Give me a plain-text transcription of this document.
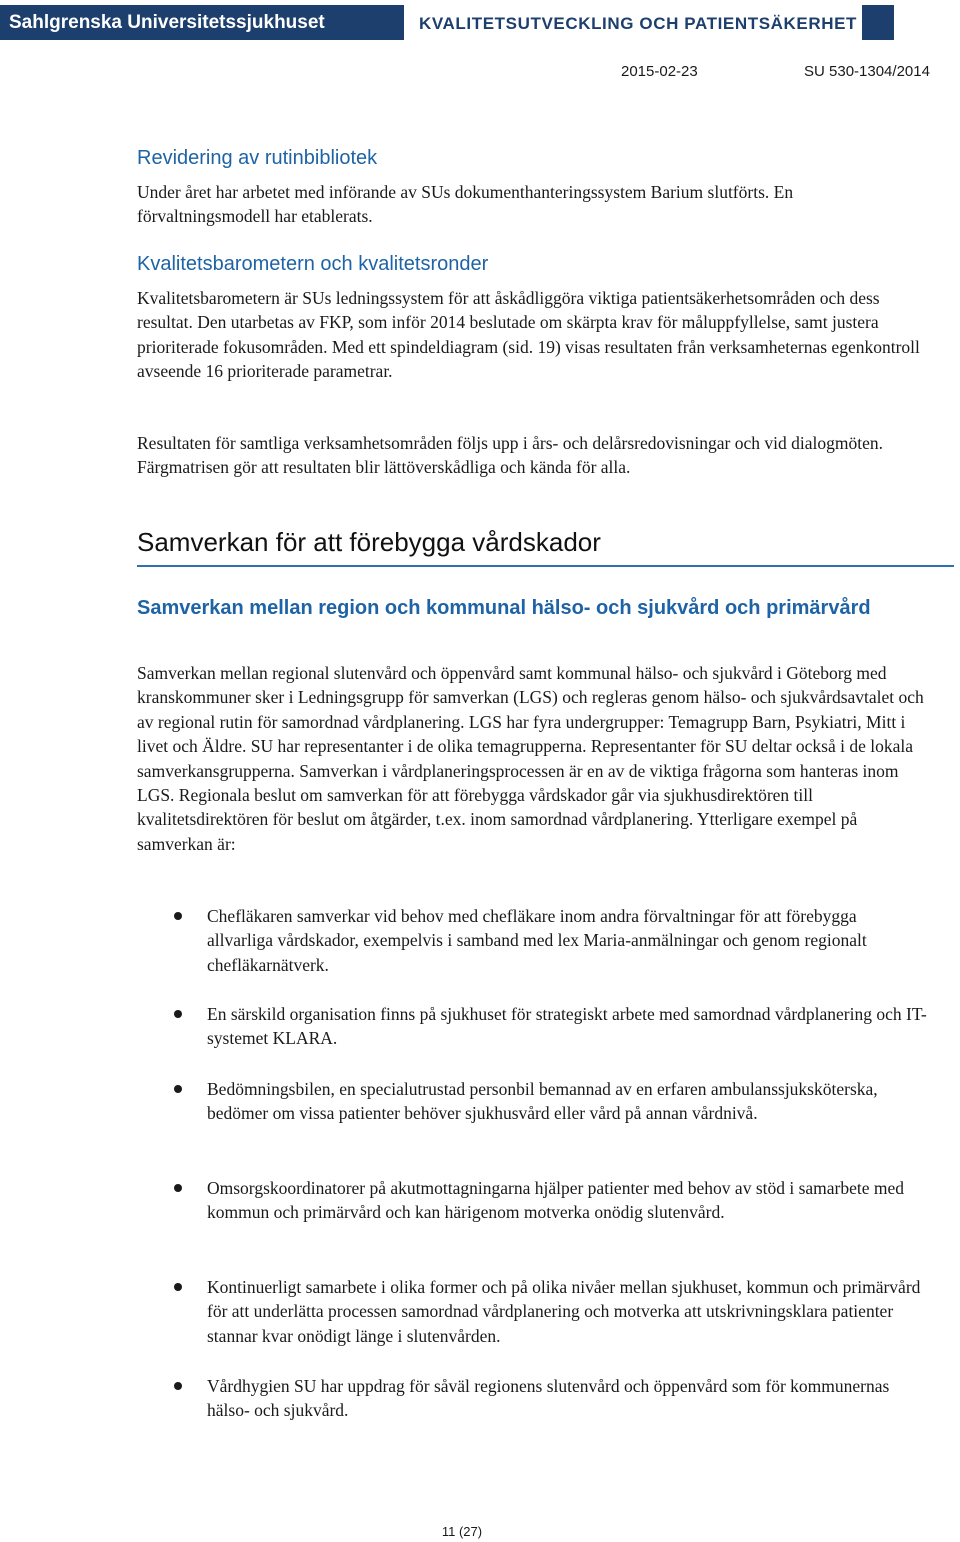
Sahlgrenska Universitetssjukhuset	KVALITETSUTVECKLING OCH PATIENTSÄKERHET
2015-02-23	SU 530-1304/2014
Revidering av rutinbibliotek

Under året har arbetet med införande av SUs dokumenthanteringssystem Barium slutförts. En förvaltningsmodell har etablerats.

Kvalitetsbarometern och kvalitetsronder

Kvalitetsbarometern är SUs ledningssystem för att åskådliggöra viktiga patientsäkerhetsområden och dess resultat. Den utarbetas av FKP, som inför 2014 beslutade om skärpta krav för måluppfyllelse, samt justera prioriterade fokusområden. Med ett spindeldiagram (sid. 19) visas resultaten från verksamheternas egenkontroll avseende 16 prioriterade parametrar.

Resultaten för samtliga verksamhetsområden följs upp i års- och delårsredovisningar och vid dialogmöten. Färgmatrisen gör att resultaten blir lättöverskådliga och kända för alla.

Samverkan för att förebygga vårdskador
Samverkan mellan region och kommunal hälso- och sjukvård och primärvård

Samverkan mellan regional slutenvård och öppenvård samt kommunal hälso- och sjukvård i Göteborg med kranskommuner sker i Ledningsgrupp för samverkan (LGS) och regleras genom hälso- och sjukvårdsavtalet och av regional rutin för samordnad vårdplanering. LGS har fyra undergrupper: Temagrupp Barn, Psykiatri, Mitt i livet och Äldre. SU har representanter i de olika temagrupperna. Representanter för SU deltar också i de lokala samverkansgrupperna. Samverkan i vårdplaneringsprocessen är en av de viktiga frågorna som hanteras inom LGS. Regionala beslut om samverkan för att förebygga vårdskador går via sjukhusdirektören till kvalitetsdirektören för beslut om åtgärder, t.ex. inom samordnad vårdplanering. Ytterligare exempel på samverkan är:

Chefläkaren samverkar vid behov med chefläkare inom andra förvaltningar för att förebygga allvarliga vårdskador, exempelvis i samband med lex Maria-anmälningar och genom regionalt chefläkarnätverk.

En särskild organisation finns på sjukhuset för strategiskt arbete med samordnad vårdplanering och IT-systemet KLARA.

Bedömningsbilen, en specialutrustad personbil bemannad av en erfaren ambulanssjuksköterska, bedömer om vissa patienter behöver sjukhusvård eller vård på annan vårdnivå.

Omsorgskoordinatorer på akutmottagningarna hjälper patienter med behov av stöd i samarbete med kommun och primärvård och kan härigenom motverka onödig slutenvård.

Kontinuerligt samarbete i olika former och på olika nivåer mellan sjukhuset, kommun och primärvård för att underlätta processen samordnad vårdplanering och motverka att utskrivningsklara patienter stannar kvar onödigt länge i slutenvården.

Vårdhygien SU har uppdrag för såväl regionens slutenvård och öppenvård som för kommunernas hälso- och sjukvård.

11 (27)
